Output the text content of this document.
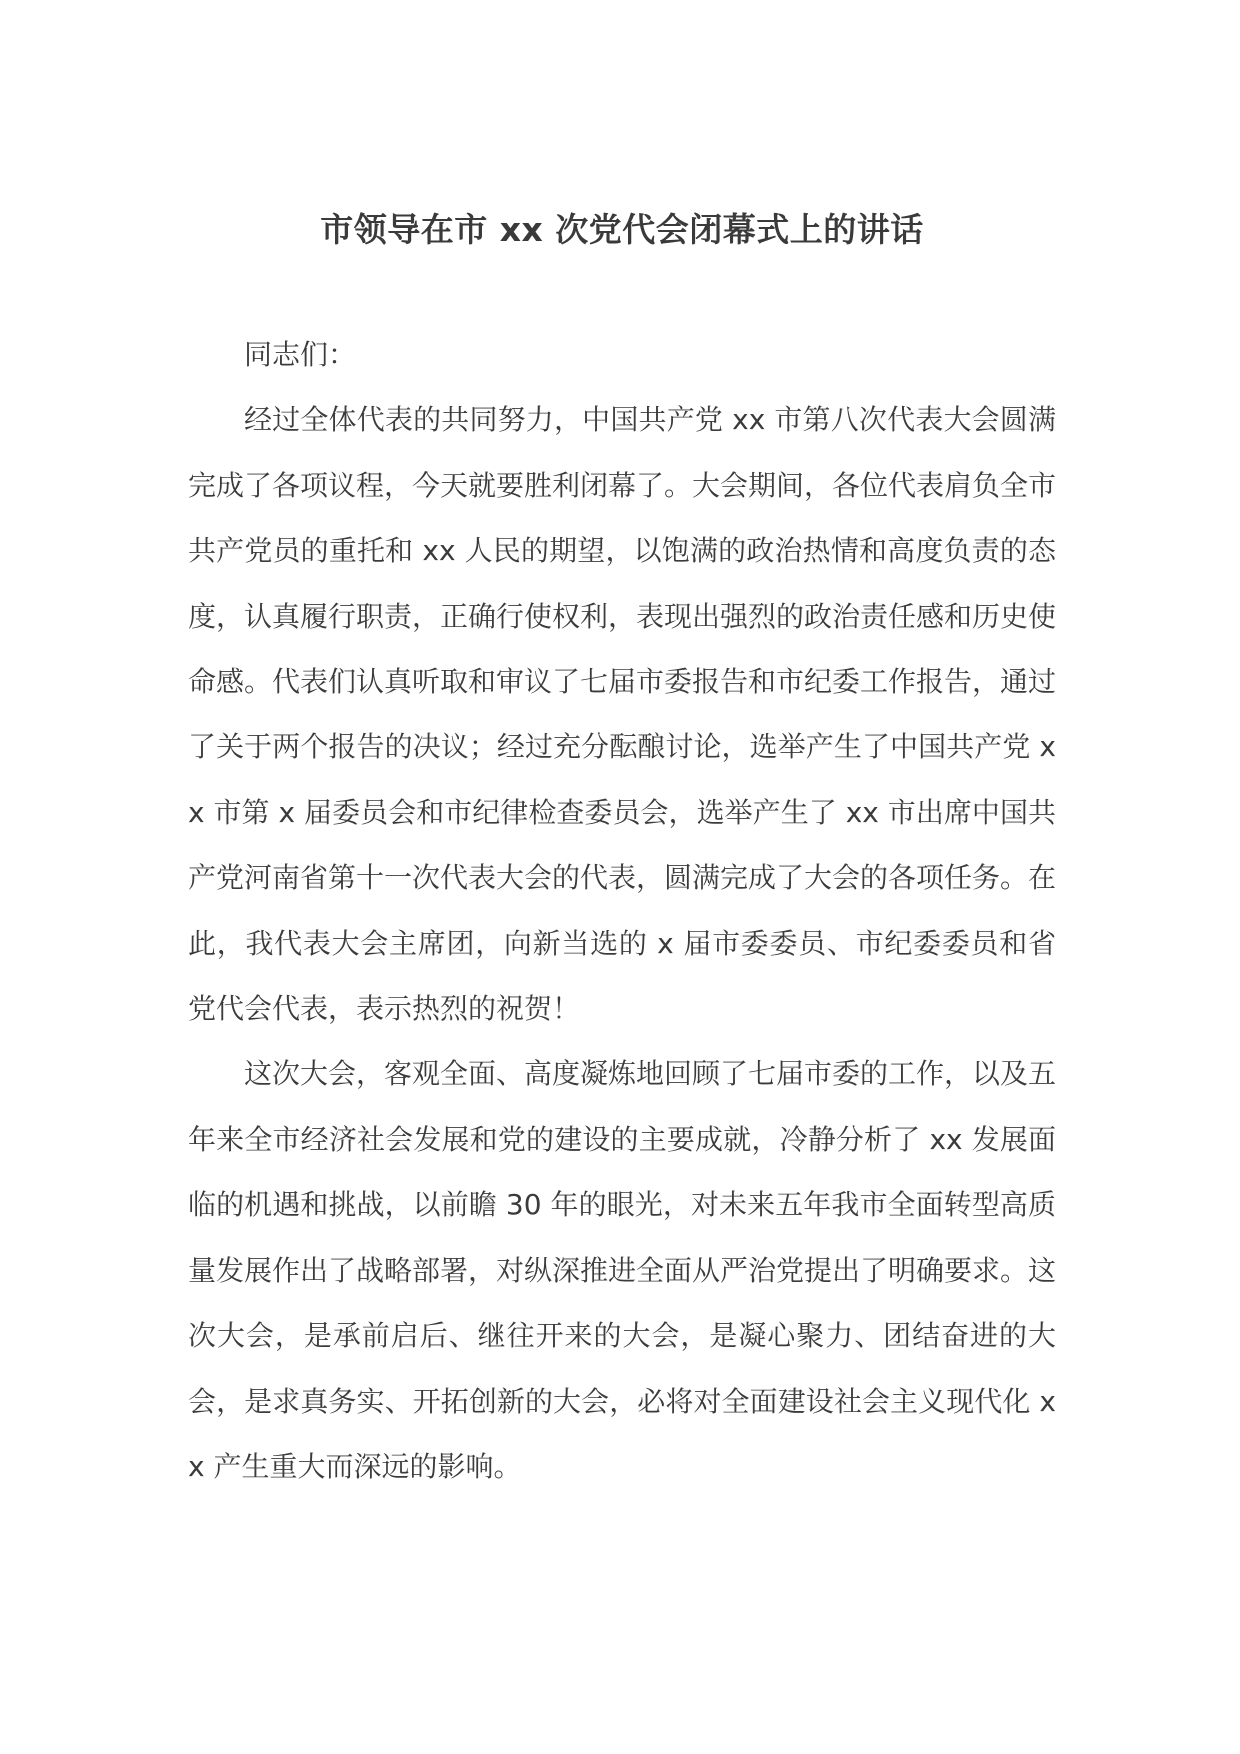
市领导在市 xx 次党代会闭幕式上的讲话

同志们：

经过全体代表的共同努力，中国共产党 xx 市第八次代表大会圆满完成了各项议程，今天就要胜利闭幕了。大会期间，各位代表肩负全市共产党员的重托和 xx 人民的期望，以饱满的政治热情和高度负责的态度，认真履行职责，正确行使权利，表现出强烈的政治责任感和历史使命感。代表们认真听取和审议了七届市委报告和市纪委工作报告，通过了关于两个报告的决议；经过充分酝酿讨论，选举产生了中国共产党 xx 市第 x 届委员会和市纪律检查委员会，选举产生了 xx 市出席中国共产党河南省第十一次代表大会的代表，圆满完成了大会的各项任务。在此，我代表大会主席团，向新当选的 x 届市委委员、市纪委委员和省党代会代表，表示热烈的祝贺！

这次大会，客观全面、高度凝炼地回顾了七届市委的工作，以及五年来全市经济社会发展和党的建设的主要成就，冷静分析了 xx 发展面临的机遇和挑战，以前瞻 30 年的眼光，对未来五年我市全面转型高质量发展作出了战略部署，对纵深推进全面从严治党提出了明确要求。这次大会，是承前启后、继往开来的大会，是凝心聚力、团结奋进的大会，是求真务实、开拓创新的大会，必将对全面建设社会主义现代化 xx 产生重大而深远的影响。
